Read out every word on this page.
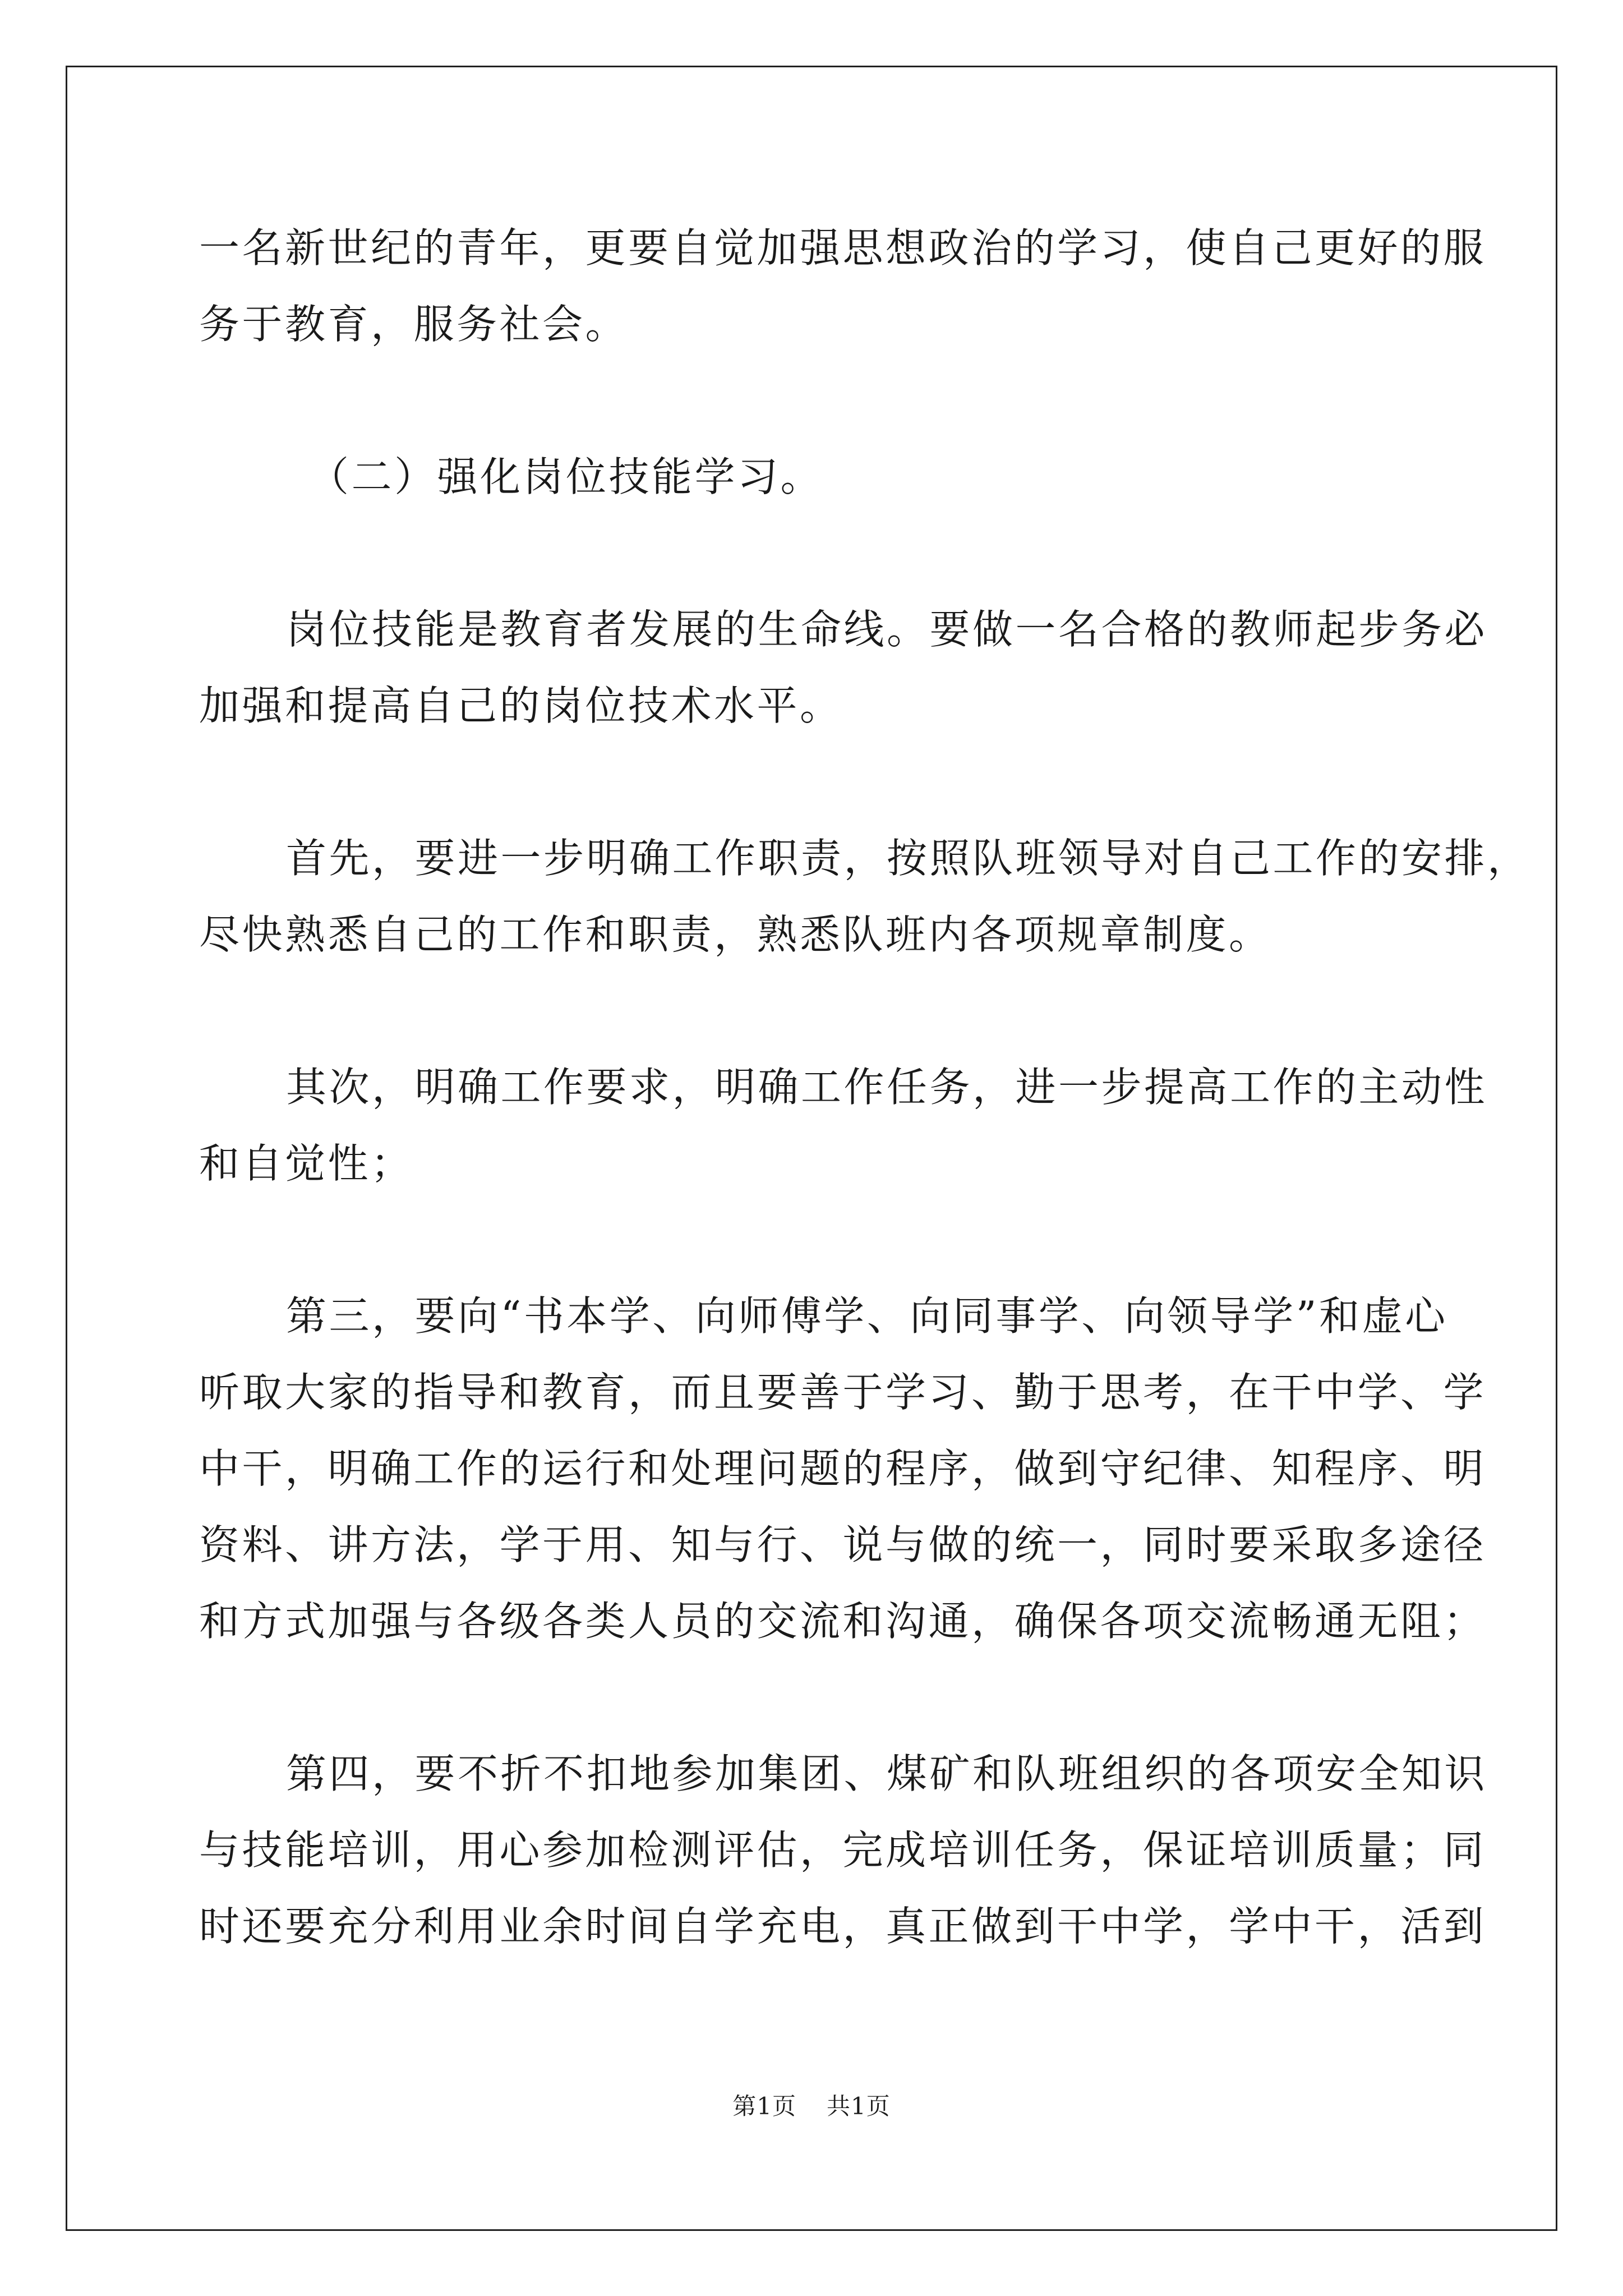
一名新世纪的青年，更要自觉加强思想政治的学习，使自己更好的服
务于教育，服务社会。
（二）强化岗位技能学习。
岗位技能是教育者发展的生命线。要做一名合格的教师起步务必
加强和提高自己的岗位技术水平。
首先，要进一步明确工作职责，按照队班领导对自己工作的安排，
尽快熟悉自己的工作和职责，熟悉队班内各项规章制度。
其次，明确工作要求，明确工作任务，进一步提高工作的主动性
和自觉性；
第三，要向“书本学、向师傅学、向同事学、向领导学”和虚心
听取大家的指导和教育，而且要善于学习、勤于思考，在干中学、学
中干，明确工作的运行和处理问题的程序，做到守纪律、知程序、明
资料、讲方法，学于用、知与行、说与做的统一，同时要采取多途径
和方式加强与各级各类人员的交流和沟通，确保各项交流畅通无阻；
第四，要不折不扣地参加集团、煤矿和队班组织的各项安全知识
与技能培训，用心参加检测评估，完成培训任务，保证培训质量；同
时还要充分利用业余时间自学充电，真正做到干中学，学中干，活到
第1页 共1页
